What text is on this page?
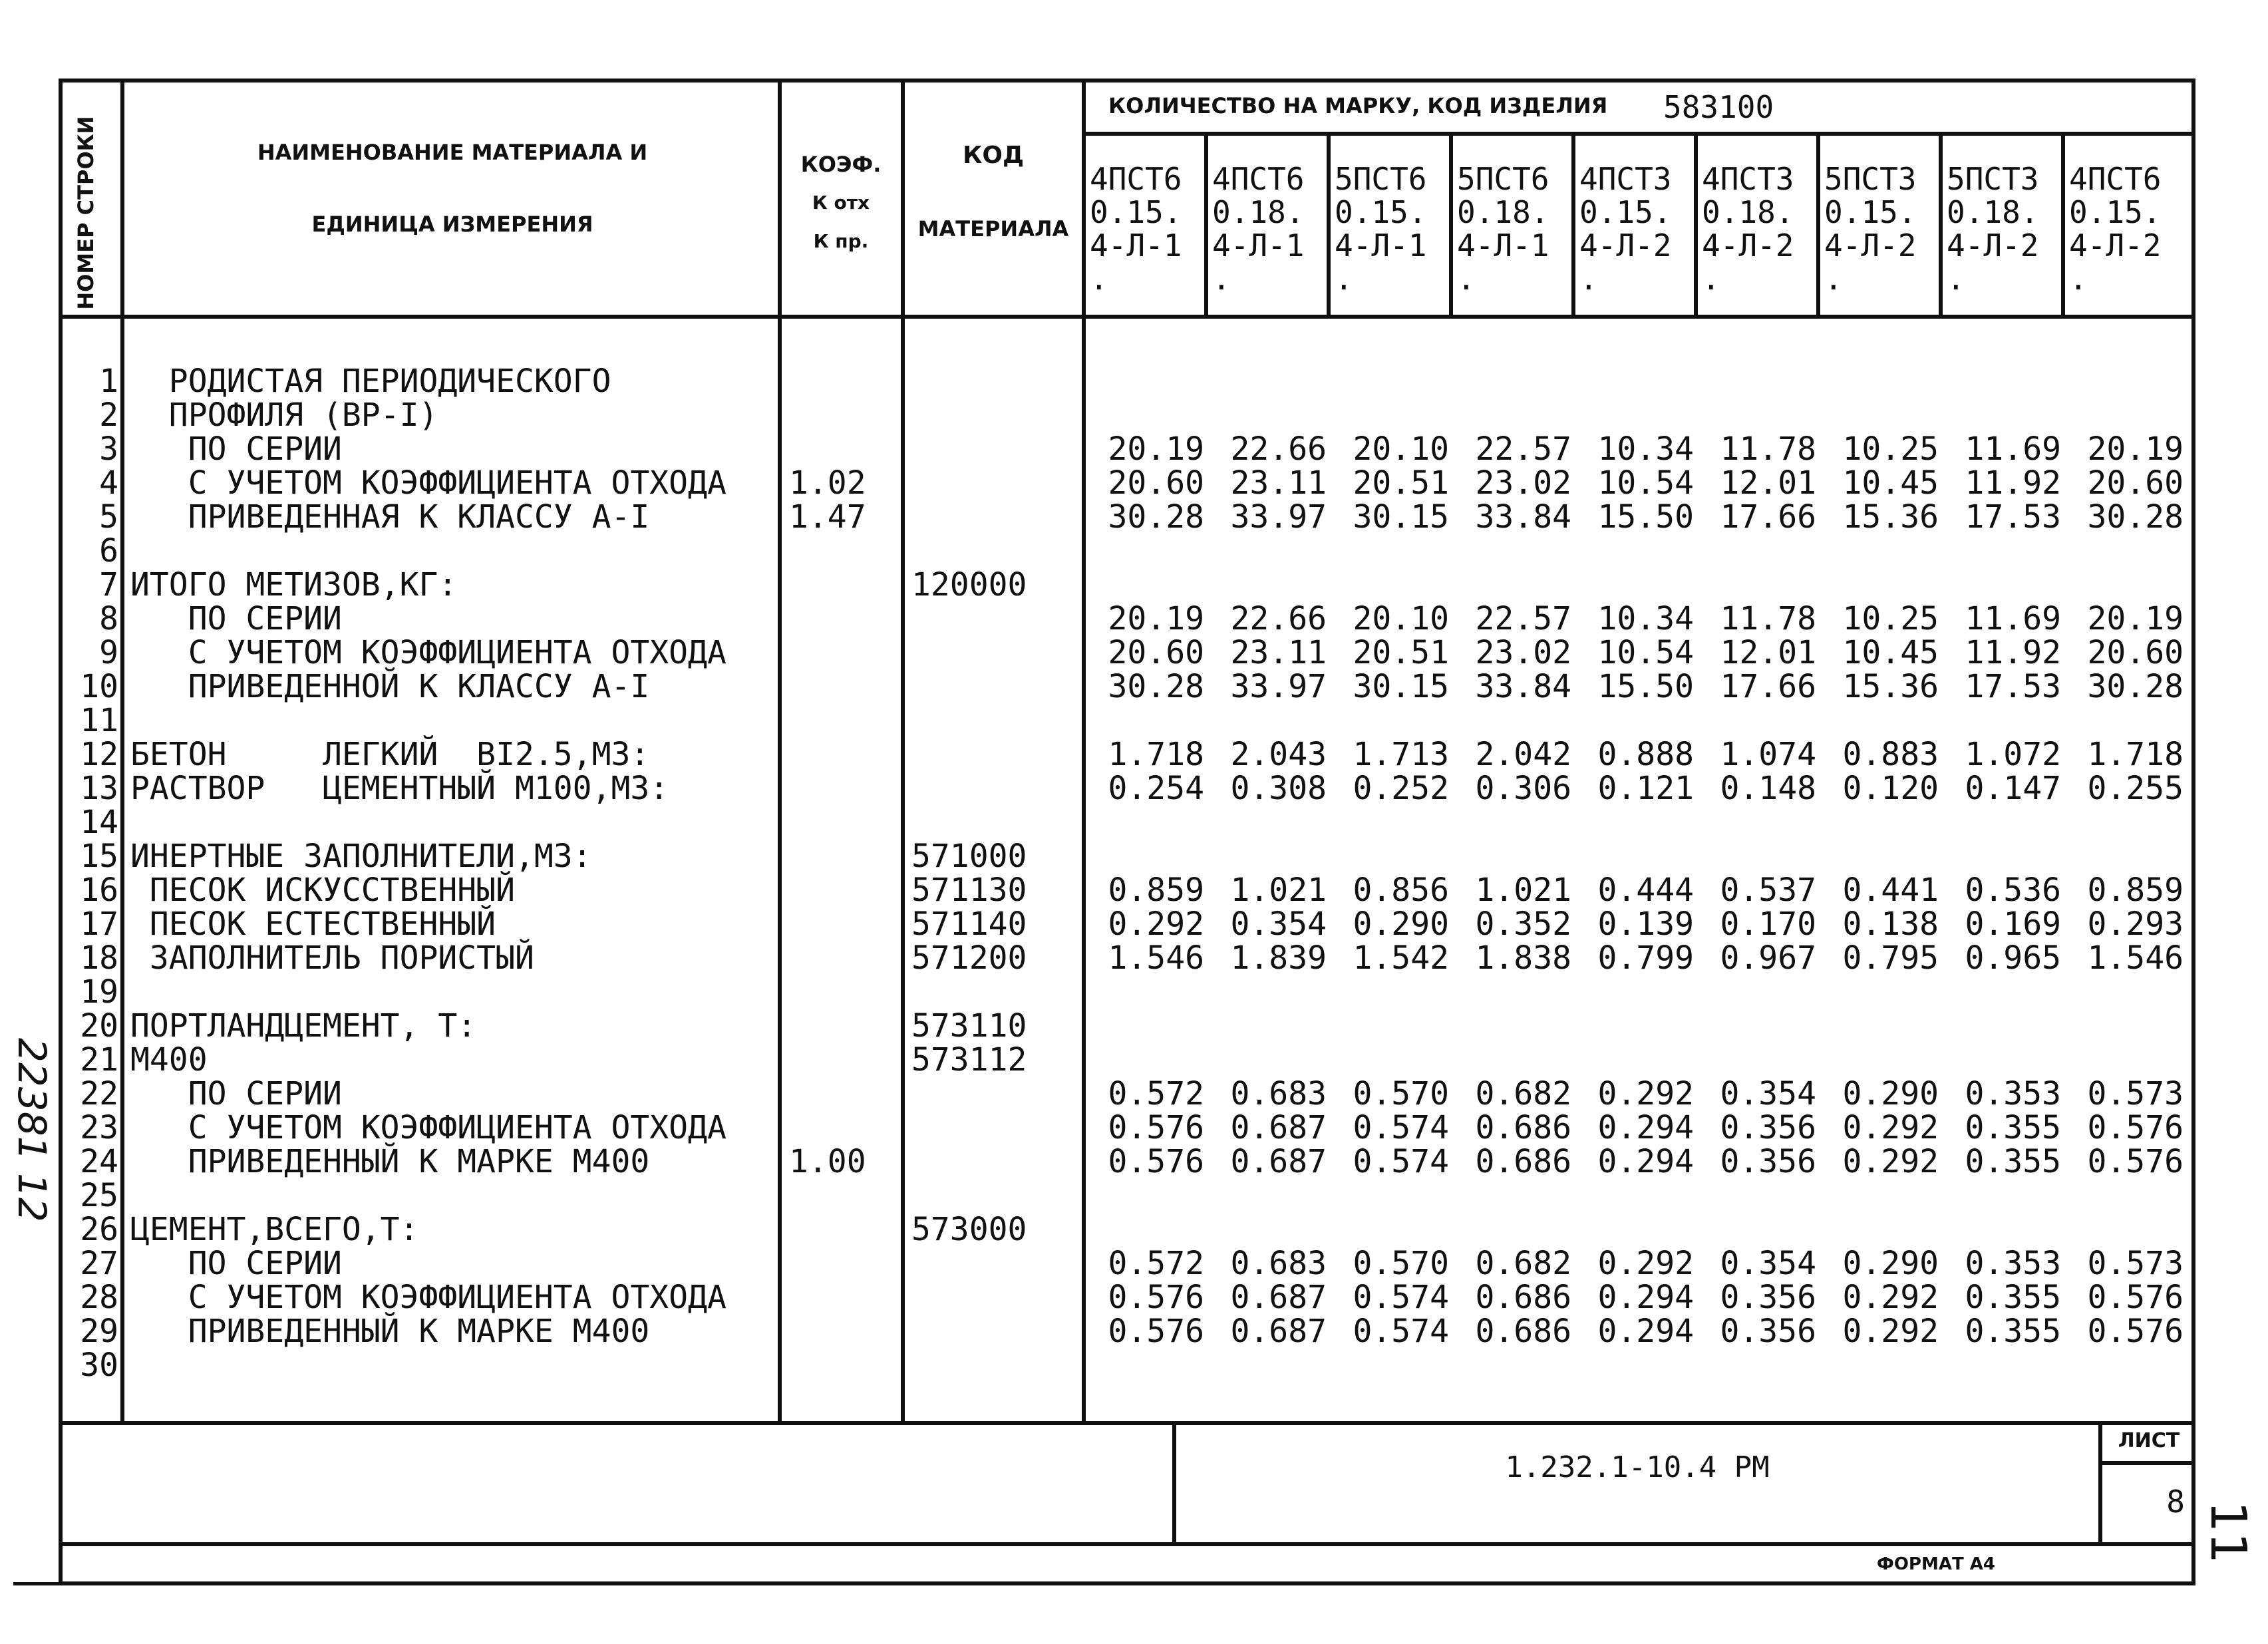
НОМЕР СТРОКИ	НАИМЕНОВАНИЕ МАТЕРИАЛА И
ЕДИНИЦА ИЗМЕРЕНИЯ
КОЭФ.
К отх
К пр.
КОД
МАТЕРИАЛА
КОЛИЧЕСТВО НА МАРКУ, КОД ИЗДЕЛИЯ	583100
4ПСТ6
0.15.
4-Л-1
.
4ПСТ6
0.18.
4-Л-1
.
5ПСТ6
0.15.
4-Л-1
.
5ПСТ6
0.18.
4-Л-1
.
4ПСТ3
0.15.
4-Л-2
.
4ПСТ3
0.18.
4-Л-2
.
5ПСТ3
0.15.
4-Л-2
.
5ПСТ3
0.18.
4-Л-2
.
4ПСТ6
0.15.
4-Л-2
.
1
2
3
4
5
6
7
8
9
10
11
12
13
14
15
16
17
18
19
20
21
22
23
24
25
26
27
28
29
30
РОДИСТАЯ ПЕРИОДИЧЕСКОГО
ПРОФИЛЯ (ВР-I)
ПО СЕРИИ
С УЧЕТОМ КОЭФФИЦИЕНТА ОТХОДА
ПРИВЕДЕННАЯ К КЛАССУ А-I
ИТОГО МЕТИЗОВ,КГ:
ПО СЕРИИ
С УЧЕТОМ КОЭФФИЦИЕНТА ОТХОДА
ПРИВЕДЕННОЙ К КЛАССУ А-I
БЕТОН     ЛЕГКИЙ  ВI2.5,М3:
РАСТВОР   ЦЕМЕНТНЫЙ М100,М3:
ИНЕРТНЫЕ ЗАПОЛНИТЕЛИ,М3:
ПЕСОК ИСКУССТВЕННЫЙ
ПЕСОК ЕСТЕСТВЕННЫЙ
ЗАПОЛНИТЕЛЬ ПОРИСТЫЙ
ПОРТЛАНДЦЕМЕНТ, Т:
М400
ПО СЕРИИ
С УЧЕТОМ КОЭФФИЦИЕНТА ОТХОДА
ПРИВЕДЕННЫЙ К МАРКЕ М400
ЦЕМЕНТ,ВСЕГО,Т:
ПО СЕРИИ
С УЧЕТОМ КОЭФФИЦИЕНТА ОТХОДА
ПРИВЕДЕННЫЙ К МАРКЕ М400
1.02
1.47
1.00
120000
571000
571130
571140
571200
573110
573112
573000
20.19 22.66 20.10 22.57 10.34 11.78 10.25 11.69 20.19
20.60 23.11 20.51 23.02 10.54 12.01 10.45 11.92 20.60
30.28 33.97 30.15 33.84 15.50 17.66 15.36 17.53 30.28
20.19 22.66 20.10 22.57 10.34 11.78 10.25 11.69 20.19
20.60 23.11 20.51 23.02 10.54 12.01 10.45 11.92 20.60
30.28 33.97 30.15 33.84 15.50 17.66 15.36 17.53 30.28
1.718 2.043 1.713 2.042 0.888 1.074 0.883 1.072 1.718
0.254 0.308 0.252 0.306 0.121 0.148 0.120 0.147 0.255
0.859 1.021 0.856 1.021 0.444 0.537 0.441 0.536 0.859
0.292 0.354 0.290 0.352 0.139 0.170 0.138 0.169 0.293
1.546 1.839 1.542 1.838 0.799 0.967 0.795 0.965 1.546
0.572 0.683 0.570 0.682 0.292 0.354 0.290 0.353 0.573
0.576 0.687 0.574 0.686 0.294 0.356 0.292 0.355 0.576
0.576 0.687 0.574 0.686 0.294 0.356 0.292 0.355 0.576
0.572 0.683 0.570 0.682 0.292 0.354 0.290 0.353 0.573
0.576 0.687 0.574 0.686 0.294 0.356 0.292 0.355 0.576
0.576 0.687 0.574 0.686 0.294 0.356 0.292 0.355 0.576
1.232.1-10.4 РМ
ЛИСТ
8
ФОРМАТ А4
22381 12
11
